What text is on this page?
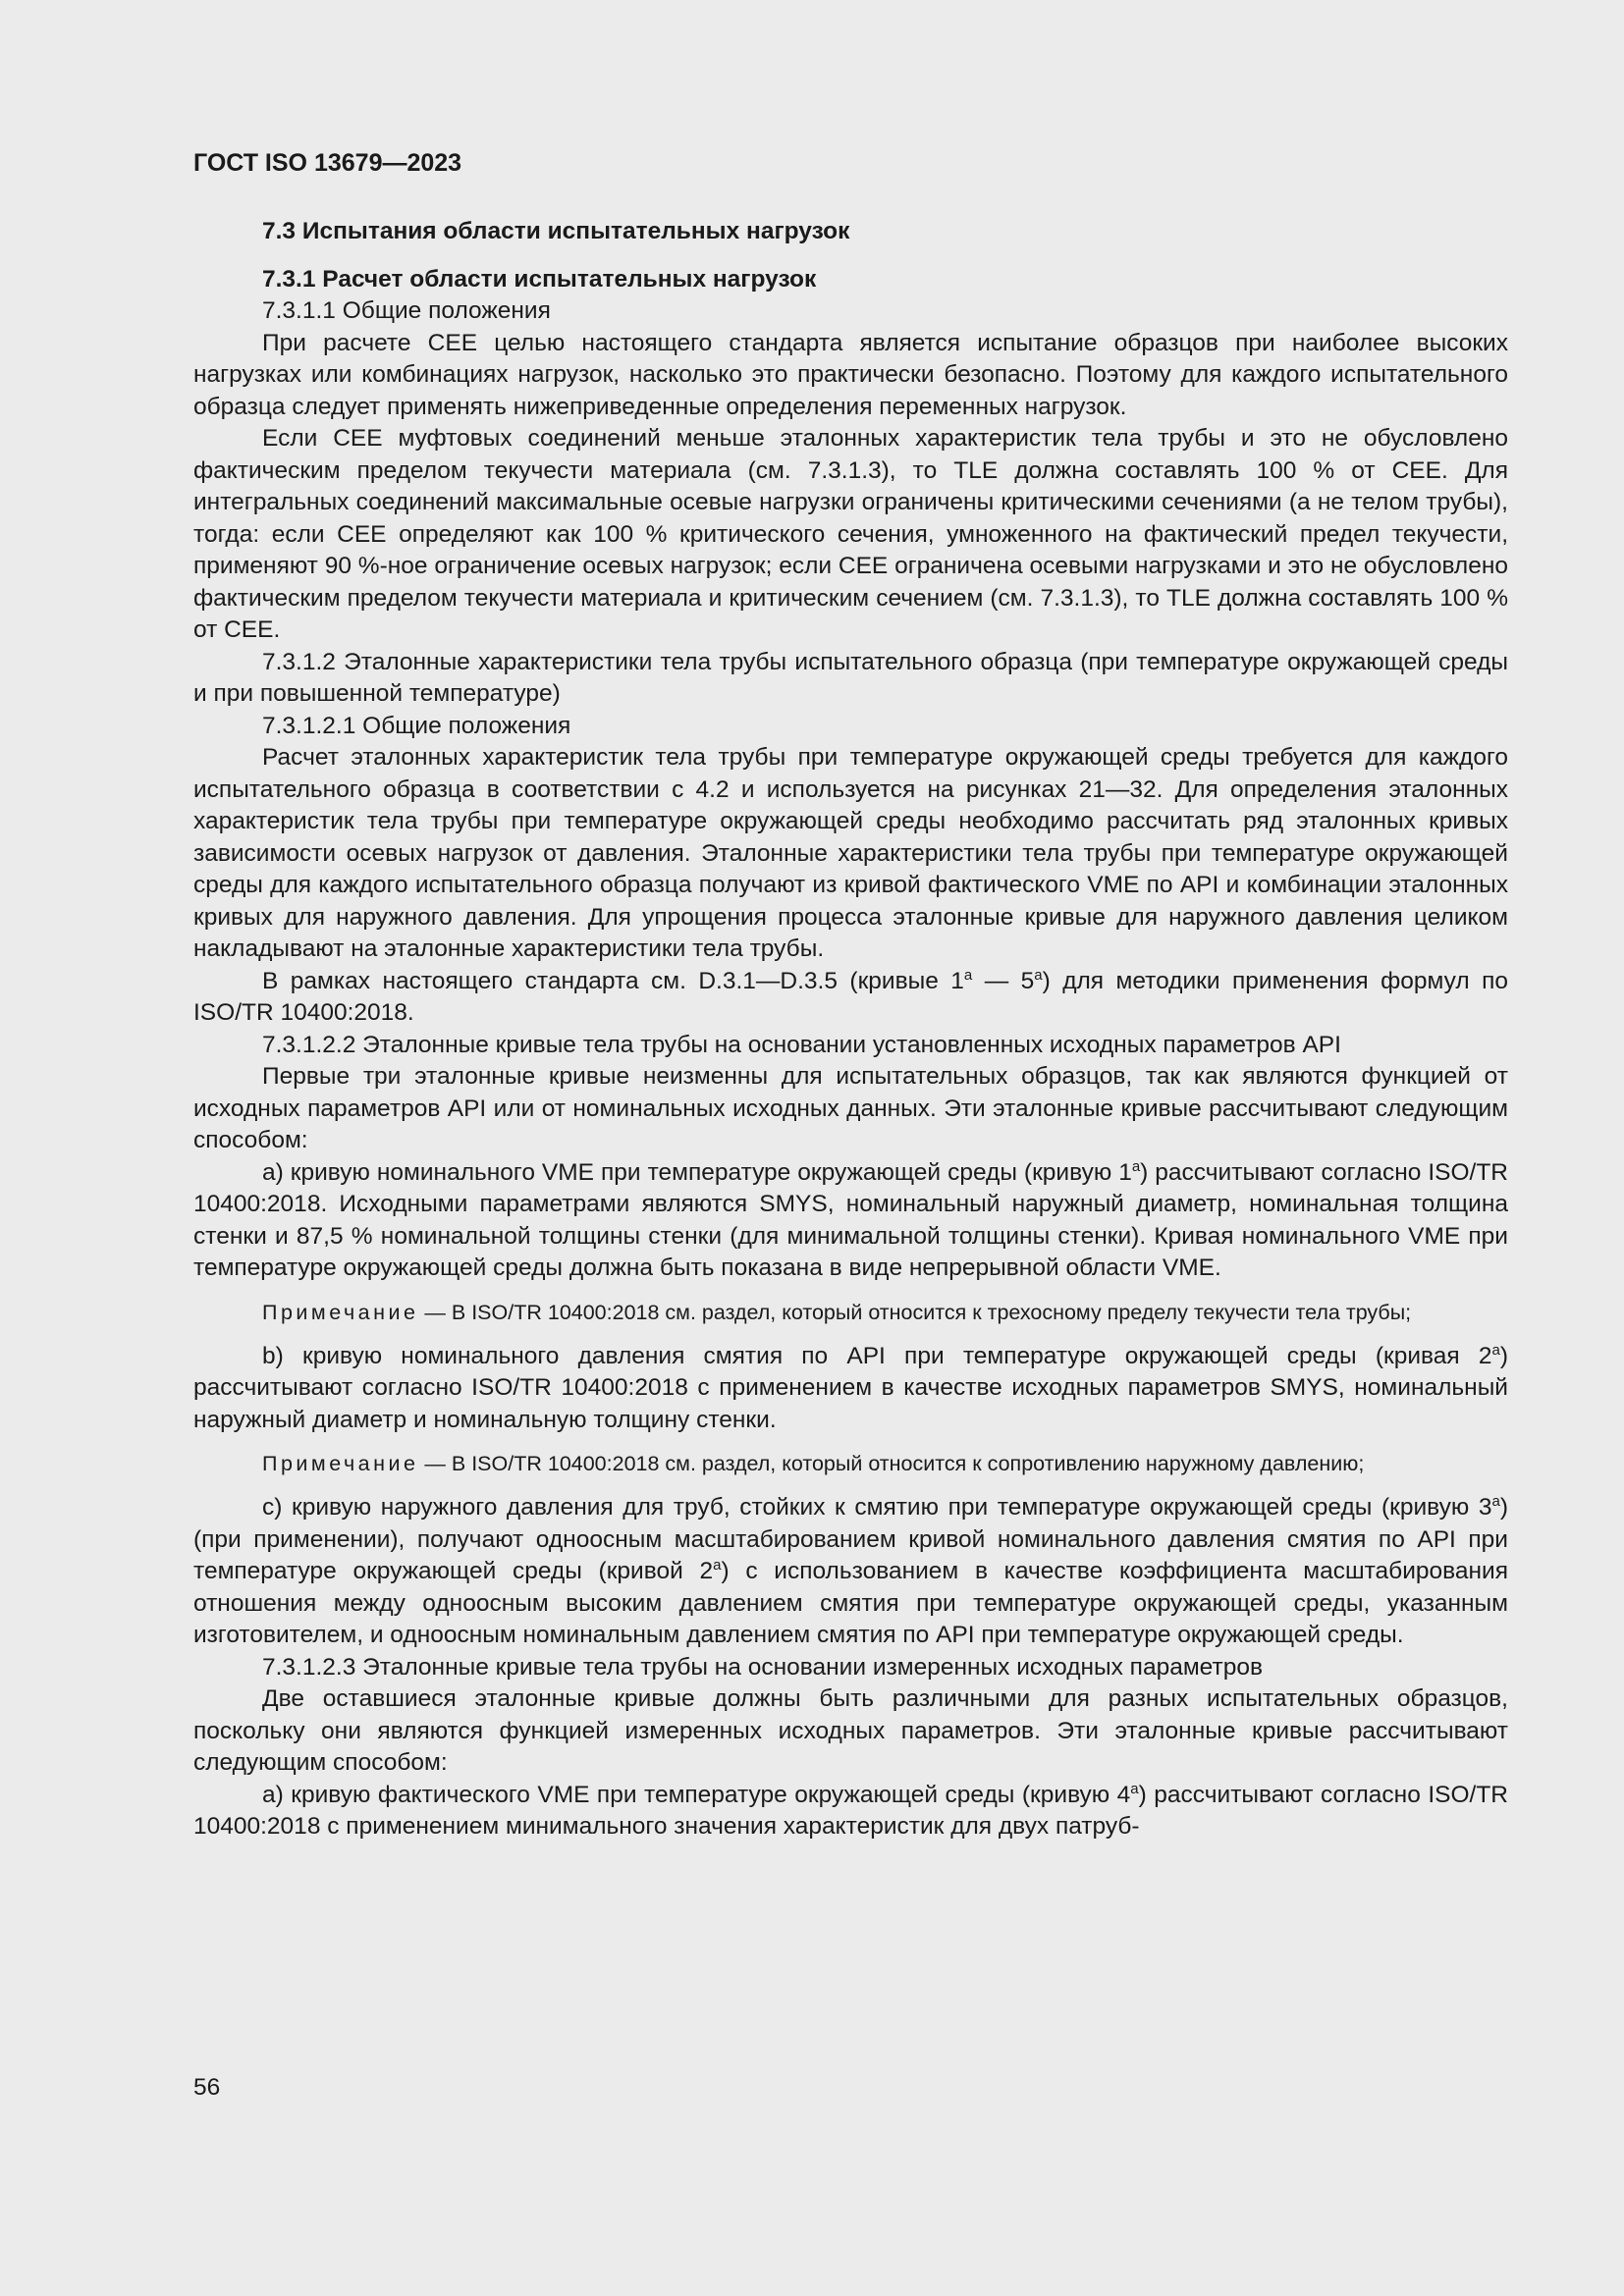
ГОСТ ISO 13679—2023
7.3 Испытания области испытательных нагрузок
7.3.1 Расчет области испытательных нагрузок
7.3.1.1 Общие положения

При расчете CEE целью настоящего стандарта является испытание образцов при наиболее высоких нагрузках или комбинациях нагрузок, насколько это практически безопасно. Поэтому для каждого испытательного образца следует применять нижеприведенные определения переменных нагрузок.

Если CEE муфтовых соединений меньше эталонных характеристик тела трубы и это не обусловлено фактическим пределом текучести материала (см. 7.3.1.3), то TLE должна составлять 100 % от CEE. Для интегральных соединений максимальные осевые нагрузки ограничены критическими сечениями (а не телом трубы), тогда: если CEE определяют как 100 % критического сечения, умноженного на фактический предел текучести, применяют 90 %-ное ограничение осевых нагрузок; если CEE ограничена осевыми нагрузками и это не обусловлено фактическим пределом текучести материала и критическим сечением (см. 7.3.1.3), то TLE должна составлять 100 % от CEE.

7.3.1.2 Эталонные характеристики тела трубы испытательного образца (при температуре окружающей среды и при повышенной температуре)

7.3.1.2.1 Общие положения

Расчет эталонных характеристик тела трубы при температуре окружающей среды требуется для каждого испытательного образца в соответствии с 4.2 и используется на рисунках 21—32. Для определения эталонных характеристик тела трубы при температуре окружающей среды необходимо рассчитать ряд эталонных кривых зависимости осевых нагрузок от давления. Эталонные характеристики тела трубы при температуре окружающей среды для каждого испытательного образца получают из кривой фактического VME по API и комбинации эталонных кривых для наружного давления. Для упрощения процесса эталонные кривые для наружного давления целиком накладывают на эталонные характеристики тела трубы.

В рамках настоящего стандарта см. D.3.1—D.3.5 (кривые 1$^a$ — 5$^a$) для методики применения формул по ISO/TR 10400:2018.

7.3.1.2.2 Эталонные кривые тела трубы на основании установленных исходных параметров API

Первые три эталонные кривые неизменны для испытательных образцов, так как являются функцией от исходных параметров API или от номинальных исходных данных. Эти эталонные кривые рассчитывают следующим способом:

a) кривую номинального VME при температуре окружающей среды (кривую 1$^a$) рассчитывают согласно ISO/TR 10400:2018. Исходными параметрами являются SMYS, номинальный наружный диаметр, номинальная толщина стенки и 87,5 % номинальной толщины стенки (для минимальной толщины стенки). Кривая номинального VME при температуре окружающей среды должна быть показана в виде непрерывной области VME.

Примечание — В ISO/TR 10400:2018 см. раздел, который относится к трехосному пределу текучести тела трубы;

b) кривую номинального давления смятия по API при температуре окружающей среды (кривая 2$^a$) рассчитывают согласно ISO/TR 10400:2018 с применением в качестве исходных параметров SMYS, номинальный наружный диаметр и номинальную толщину стенки.

Примечание — В ISO/TR 10400:2018 см. раздел, который относится к сопротивлению наружному давлению;

c) кривую наружного давления для труб, стойких к смятию при температуре окружающей среды (кривую 3$^a$) (при применении), получают одноосным масштабированием кривой номинального давления смятия по API при температуре окружающей среды (кривой 2$^a$) с использованием в качестве коэффициента масштабирования отношения между одноосным высоким давлением смятия при температуре окружающей среды, указанным изготовителем, и одноосным номинальным давлением смятия по API при температуре окружающей среды.

7.3.1.2.3 Эталонные кривые тела трубы на основании измеренных исходных параметров

Две оставшиеся эталонные кривые должны быть различными для разных испытательных образцов, поскольку они являются функцией измеренных исходных параметров. Эти эталонные кривые рассчитывают следующим способом:

a) кривую фактического VME при температуре окружающей среды (кривую 4$^a$) рассчитывают согласно ISO/TR 10400:2018 с применением минимального значения характеристик для двух патруб-

56
